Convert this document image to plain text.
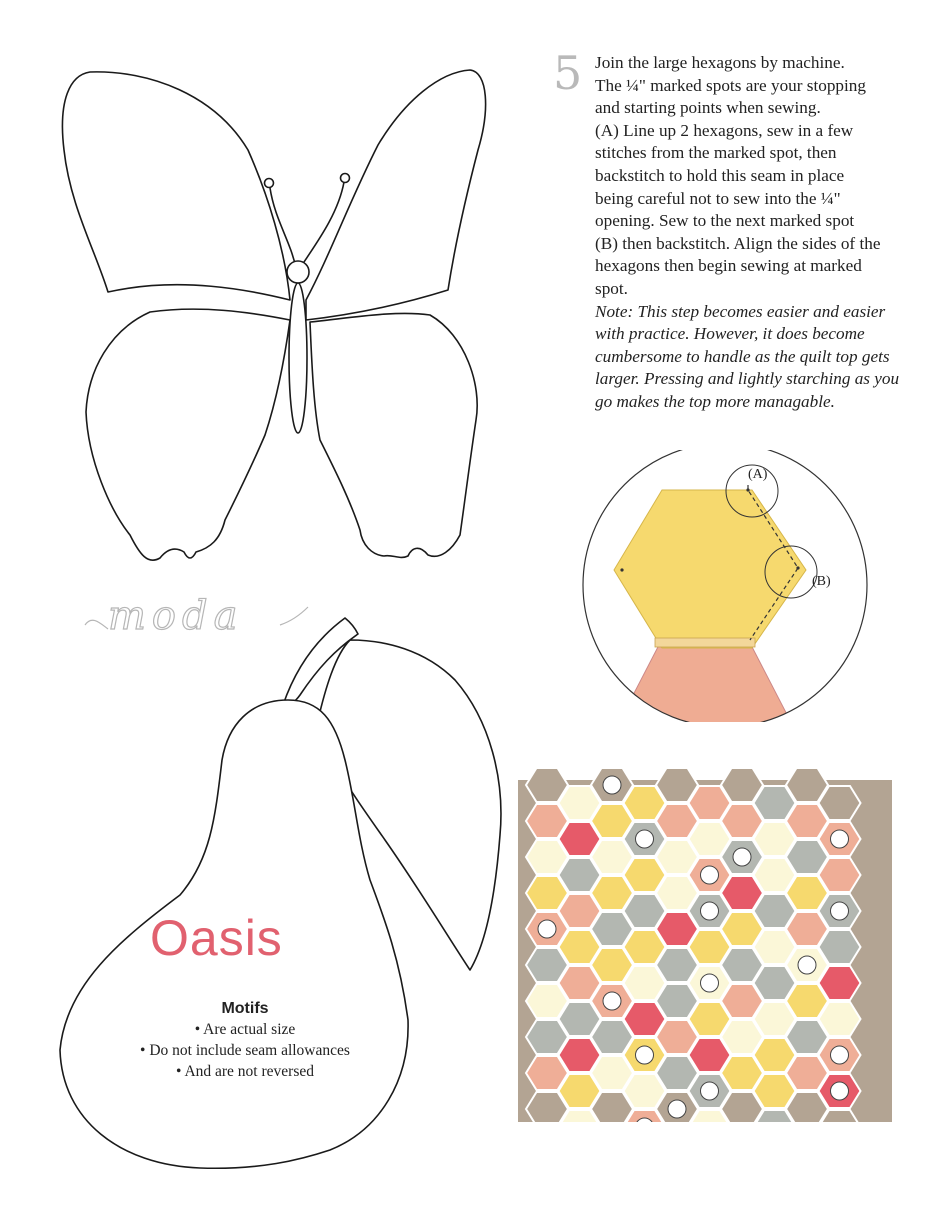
moda
5 Join the large hexagons by machine.

The ¼" marked spots are your stopping

and starting points when sewing.

(A) Line up 2 hexagons, sew in a few

stitches from the marked spot, then

backstitch to hold this seam in place

being careful not to sew into the ¼"

opening. Sew to the next marked spot

(B) then backstitch. Align the sides of the

hexagons then begin sewing at marked

spot.

Note: This step becomes easier and easier

with practice. However, it does become

cumbersome to handle as the quilt top gets

larger. Pressing and lightly starching as you

go makes the top more managable.

(A)
(B)
Oasis
Motifs
• Are actual size
• Do not include seam allowances
• And are not reversed
